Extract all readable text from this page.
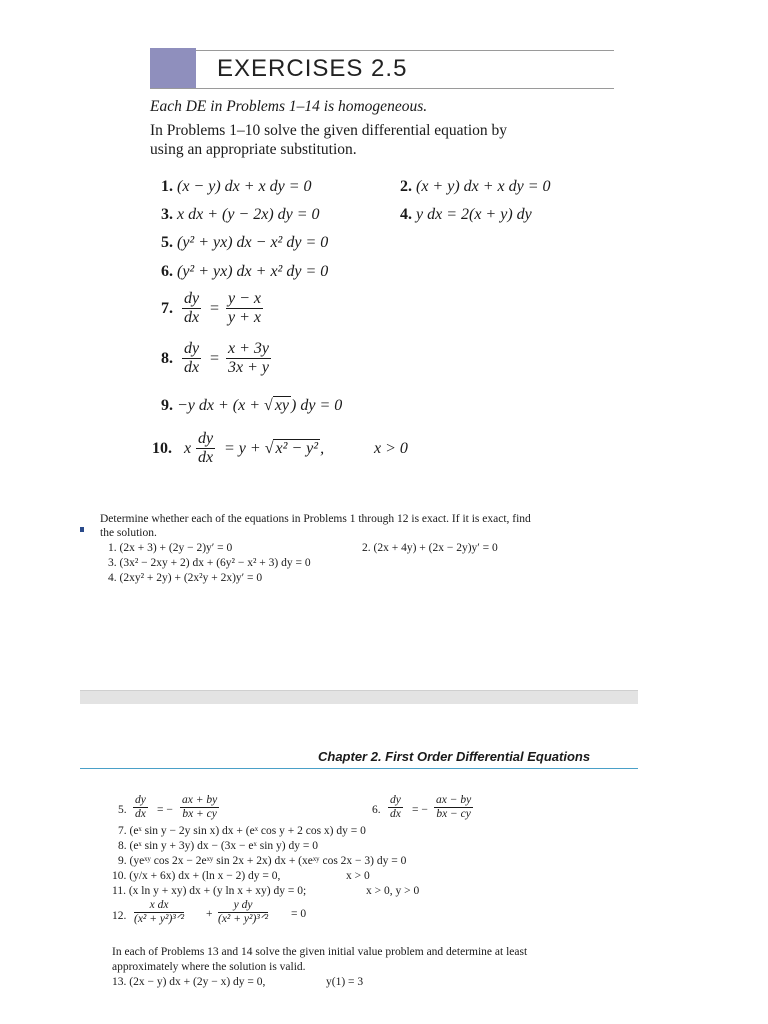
EXERCISES 2.5
Each DE in Problems 1–14 is homogeneous.
In Problems 1–10 solve the given differential equation by
using an appropriate substitution.
1. (x − y) dx + x dy = 0	2. (x + y) dx + x dy = 0
3. x dx + (y − 2x) dy = 0	4. y dx = 2(x + y) dy
5. (y² + yx) dx − x² dy = 0
6. (y² + yx) dx + x² dy = 0
7. $\frac{dy}{dx} = \frac{y - x}{y + x}$
8. $\frac{dy}{dx} = \frac{x + 3y}{3x + y}$
9. −y dx + (x + √ xy ) dy = 0
10. x $\frac{dy}{dx} = y$ + √ x² − y² ,	x > 0
Determine whether each of the equations in Problems 1 through 12 is exact. If it is exact, find
the solution.
1. (2x + 3) + (2y − 2)y′ = 0	2. (2x + 4y) + (2x − 2y)y′ = 0
3. (3x² − 2xy + 2) dx + (6y² − x² + 3) dy = 0
4. (2xy² + 2y) + (2x²y + 2x)y′ = 0
Chapter 2. First Order Differential Equations
5. $\frac{dy}{dx}$ = − $\frac{ax + by}{bx + cy}$	6. $\frac{dy}{dx}$ = − $\frac{ax - by}{bx - cy}$
7. (eˣ sin y − 2y sin x) dx + (eˣ cos y + 2 cos x) dy = 0
8. (eˣ sin y + 3y) dx − (3x − eˣ sin y) dy = 0
9. (yeˣʸ cos 2x − 2eˣʸ sin 2x + 2x) dx + (xeˣʸ cos 2x − 3) dy = 0
10. (y/x + 6x) dx + (ln x − 2) dy = 0,	x > 0
11. (x ln y + xy) dx + (y ln x + xy) dy = 0;	x > 0, y > 0
12.
x dx
(x² + y²)³ᐟ² +
y dy
(x² + y²)³ᐟ² = 0
In each of Problems 13 and 14 solve the given initial value problem and determine at least
approximately where the solution is valid.
13. (2x − y) dx + (2y − x) dy = 0,	y(1) = 3
